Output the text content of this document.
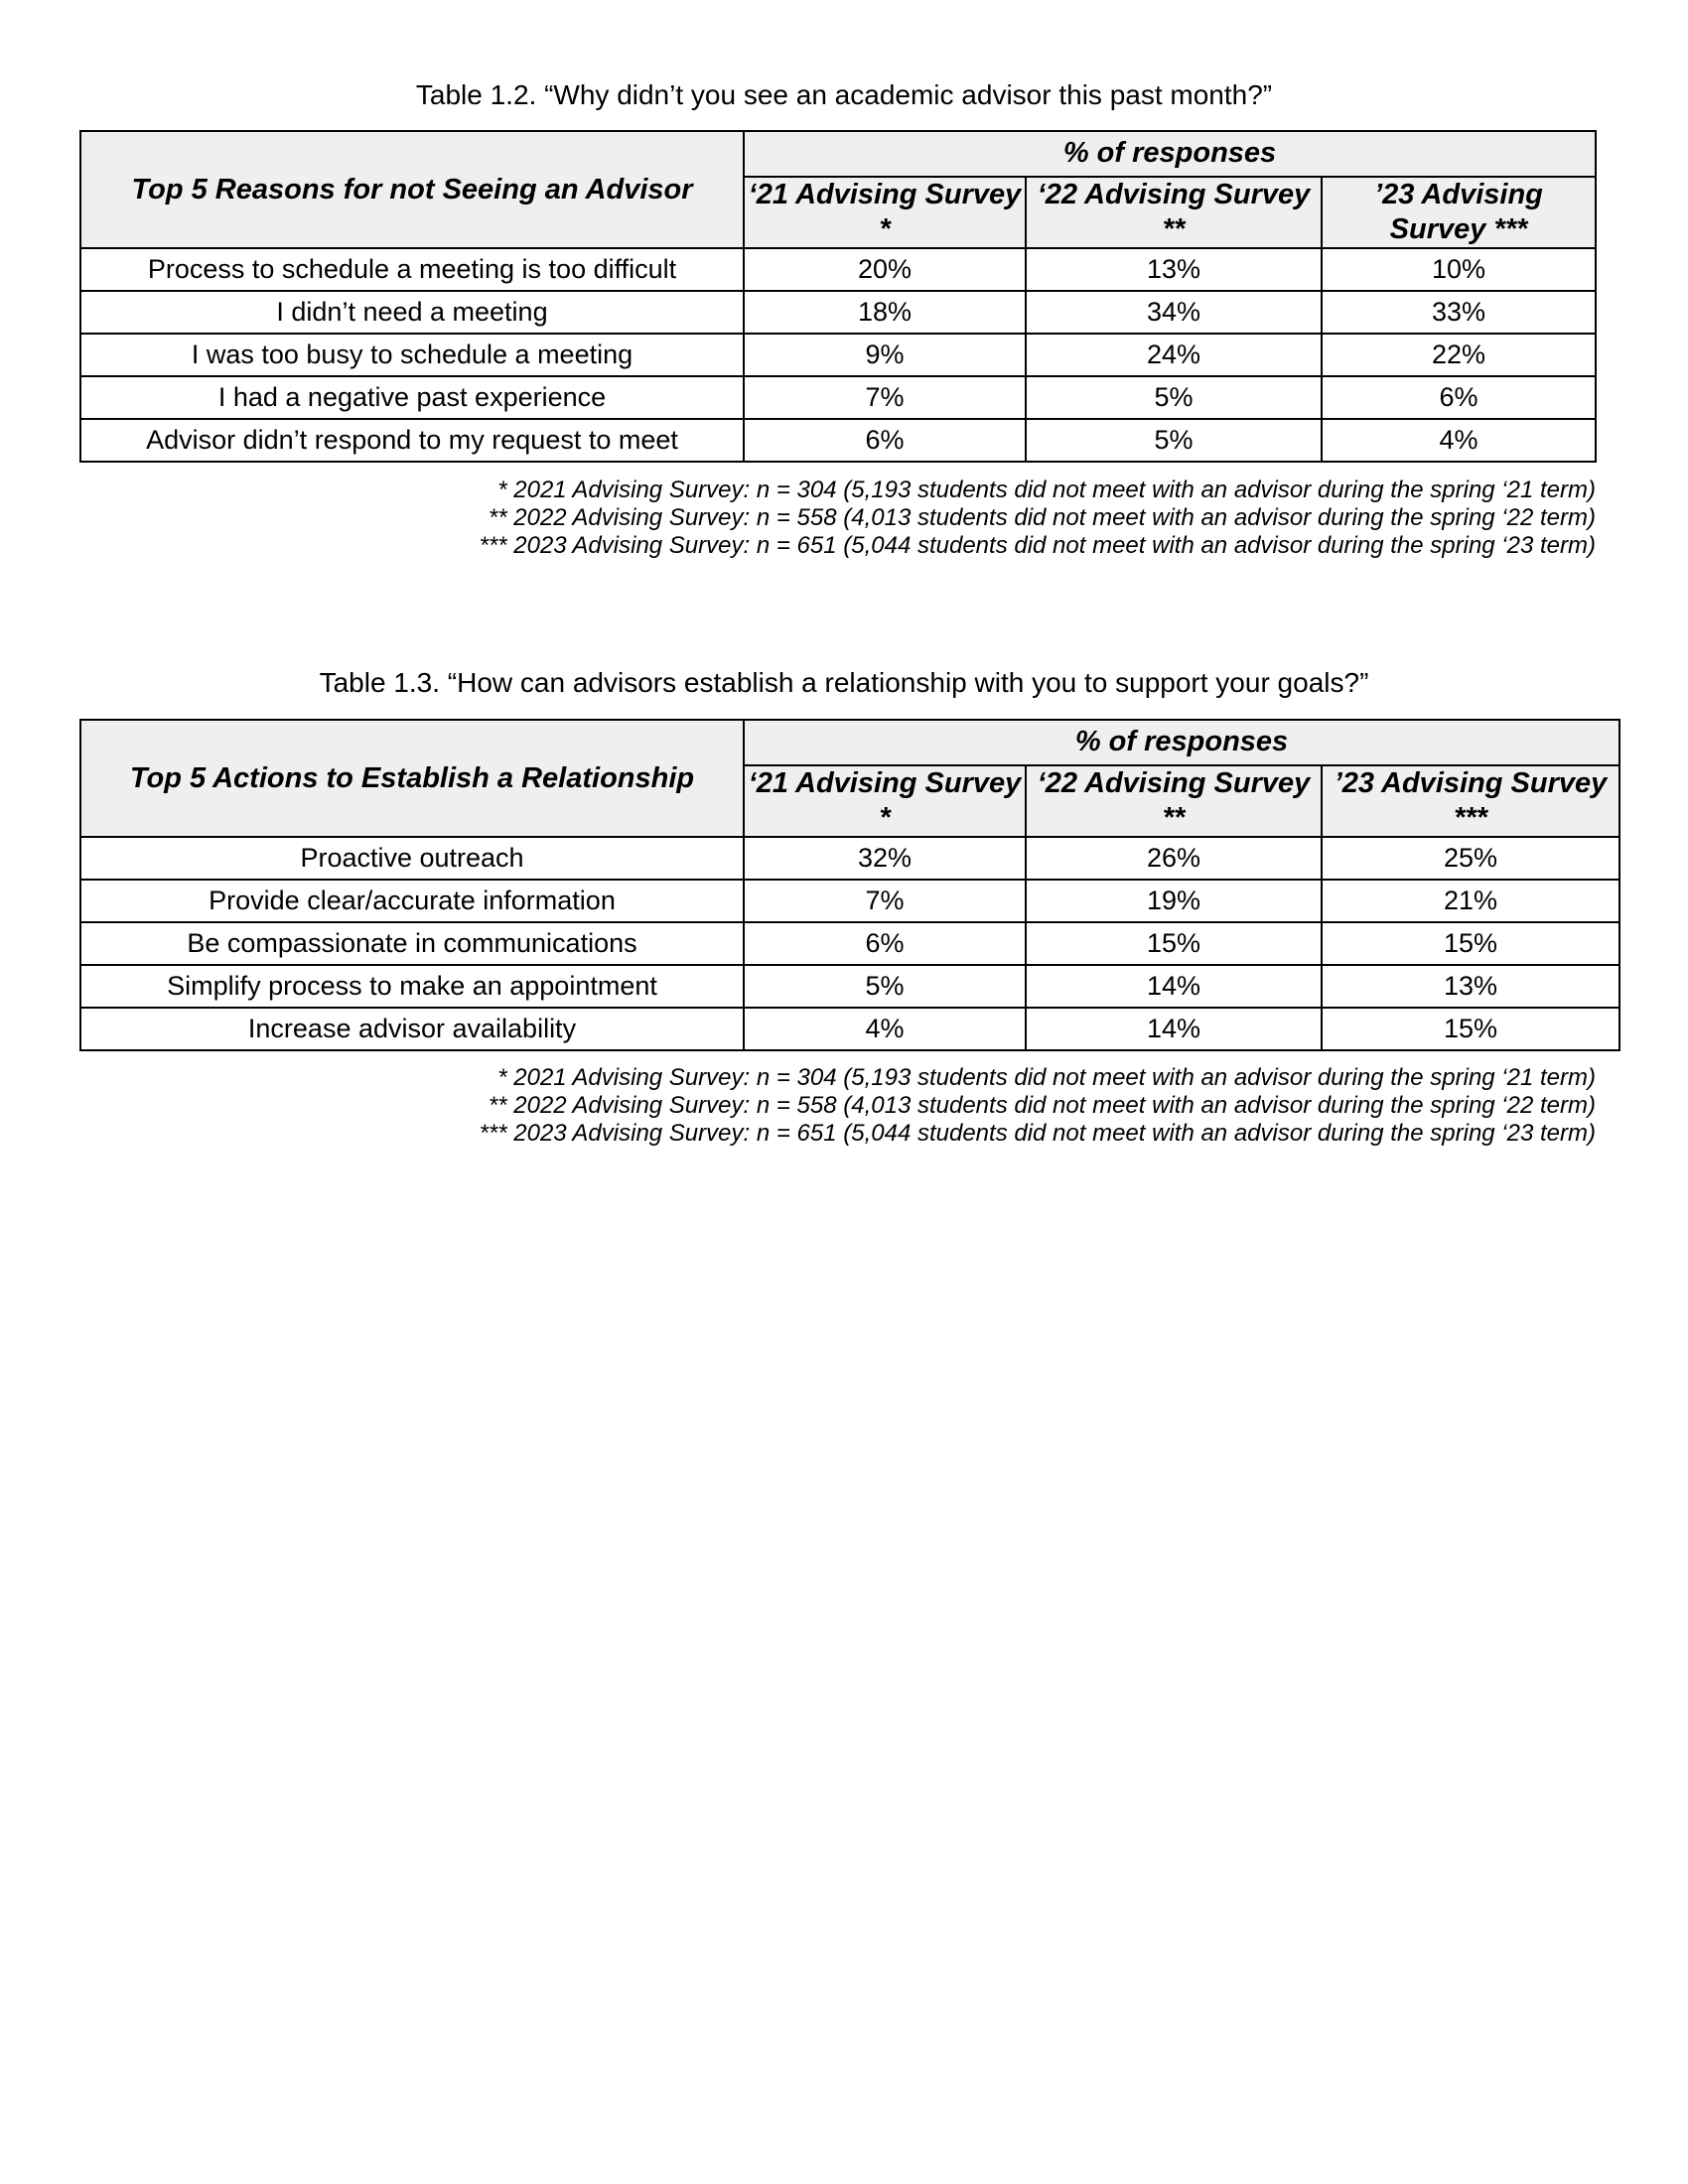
Table 1.2. “Why didn’t you see an academic advisor this past month?”
Top 5 Reasons for not Seeing an Advisor	% of responses		
	‘21 Advising Survey *	‘22 Advising Survey **	’23 Advising Survey ***
Process to schedule a meeting is too difficult	20%	13%	10%
I didn’t need a meeting	18%	34%	33%
I was too busy to schedule a meeting	9%	24%	22%
I had a negative past experience	7%	5%	6%
Advisor didn’t respond to my request to meet	6%	5%	4%
* 2021 Advising Survey: n = 304 (5,193 students did not meet with an advisor during the spring ‘21 term)
** 2022 Advising Survey: n = 558 (4,013 students did not meet with an advisor during the spring ‘22 term)
*** 2023 Advising Survey: n = 651 (5,044 students did not meet with an advisor during the spring ‘23 term)
Table 1.3. “How can advisors establish a relationship with you to support your goals?”
Top 5 Actions to Establish a Relationship	% of responses		
	‘21 Advising Survey *	‘22 Advising Survey **	’23 Advising Survey ***
Proactive outreach	32%	26%	25%
Provide clear/accurate information	7%	19%	21%
Be compassionate in communications	6%	15%	15%
Simplify process to make an appointment	5%	14%	13%
Increase advisor availability	4%	14%	15%
* 2021 Advising Survey: n = 304 (5,193 students did not meet with an advisor during the spring ‘21 term)
** 2022 Advising Survey: n = 558 (4,013 students did not meet with an advisor during the spring ‘22 term)
*** 2023 Advising Survey: n = 651 (5,044 students did not meet with an advisor during the spring ‘23 term)
